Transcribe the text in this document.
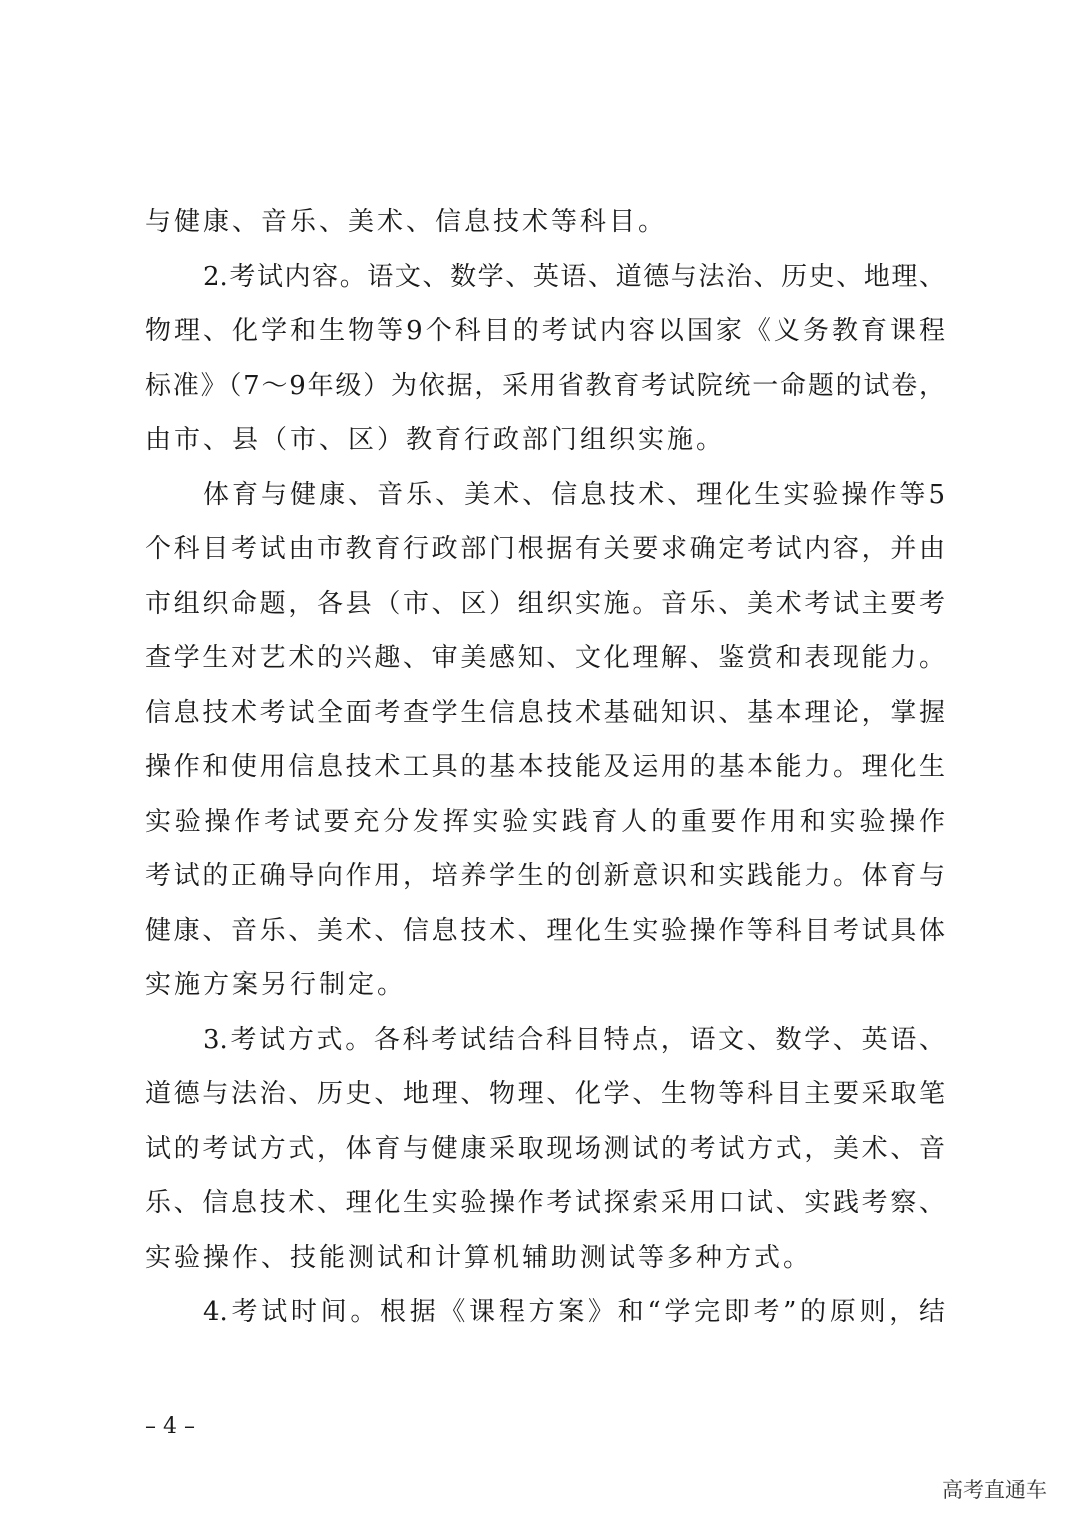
与健康、音乐、美术、信息技术等科目。
2.考试内容。语文、数学、英语、道德与法治、历史、地理、
物理、化学和生物等9个科目的考试内容以国家《义务教育课程
标准》（7～9年级）为依据，采用省教育考试院统一命题的试卷，
由市、县（市、区）教育行政部门组织实施。
体育与健康、音乐、美术、信息技术、理化生实验操作等5
个科目考试由市教育行政部门根据有关要求确定考试内容，并由
市组织命题，各县（市、区）组织实施。音乐、美术考试主要考
查学生对艺术的兴趣、审美感知、文化理解、鉴赏和表现能力。
信息技术考试全面考查学生信息技术基础知识、基本理论，掌握
操作和使用信息技术工具的基本技能及运用的基本能力。理化生
实验操作考试要充分发挥实验实践育人的重要作用和实验操作
考试的正确导向作用，培养学生的创新意识和实践能力。体育与
健康、音乐、美术、信息技术、理化生实验操作等科目考试具体
实施方案另行制定。
3.考试方式。各科考试结合科目特点，语文、数学、英语、
道德与法治、历史、地理、物理、化学、生物等科目主要采取笔
试的考试方式，体育与健康采取现场测试的考试方式，美术、音
乐、信息技术、理化生实验操作考试探索采用口试、实践考察、
实验操作、技能测试和计算机辅助测试等多种方式。
4.考试时间。根据《课程方案》和“学完即考”的原则，结
– 4 –
高考直通车
